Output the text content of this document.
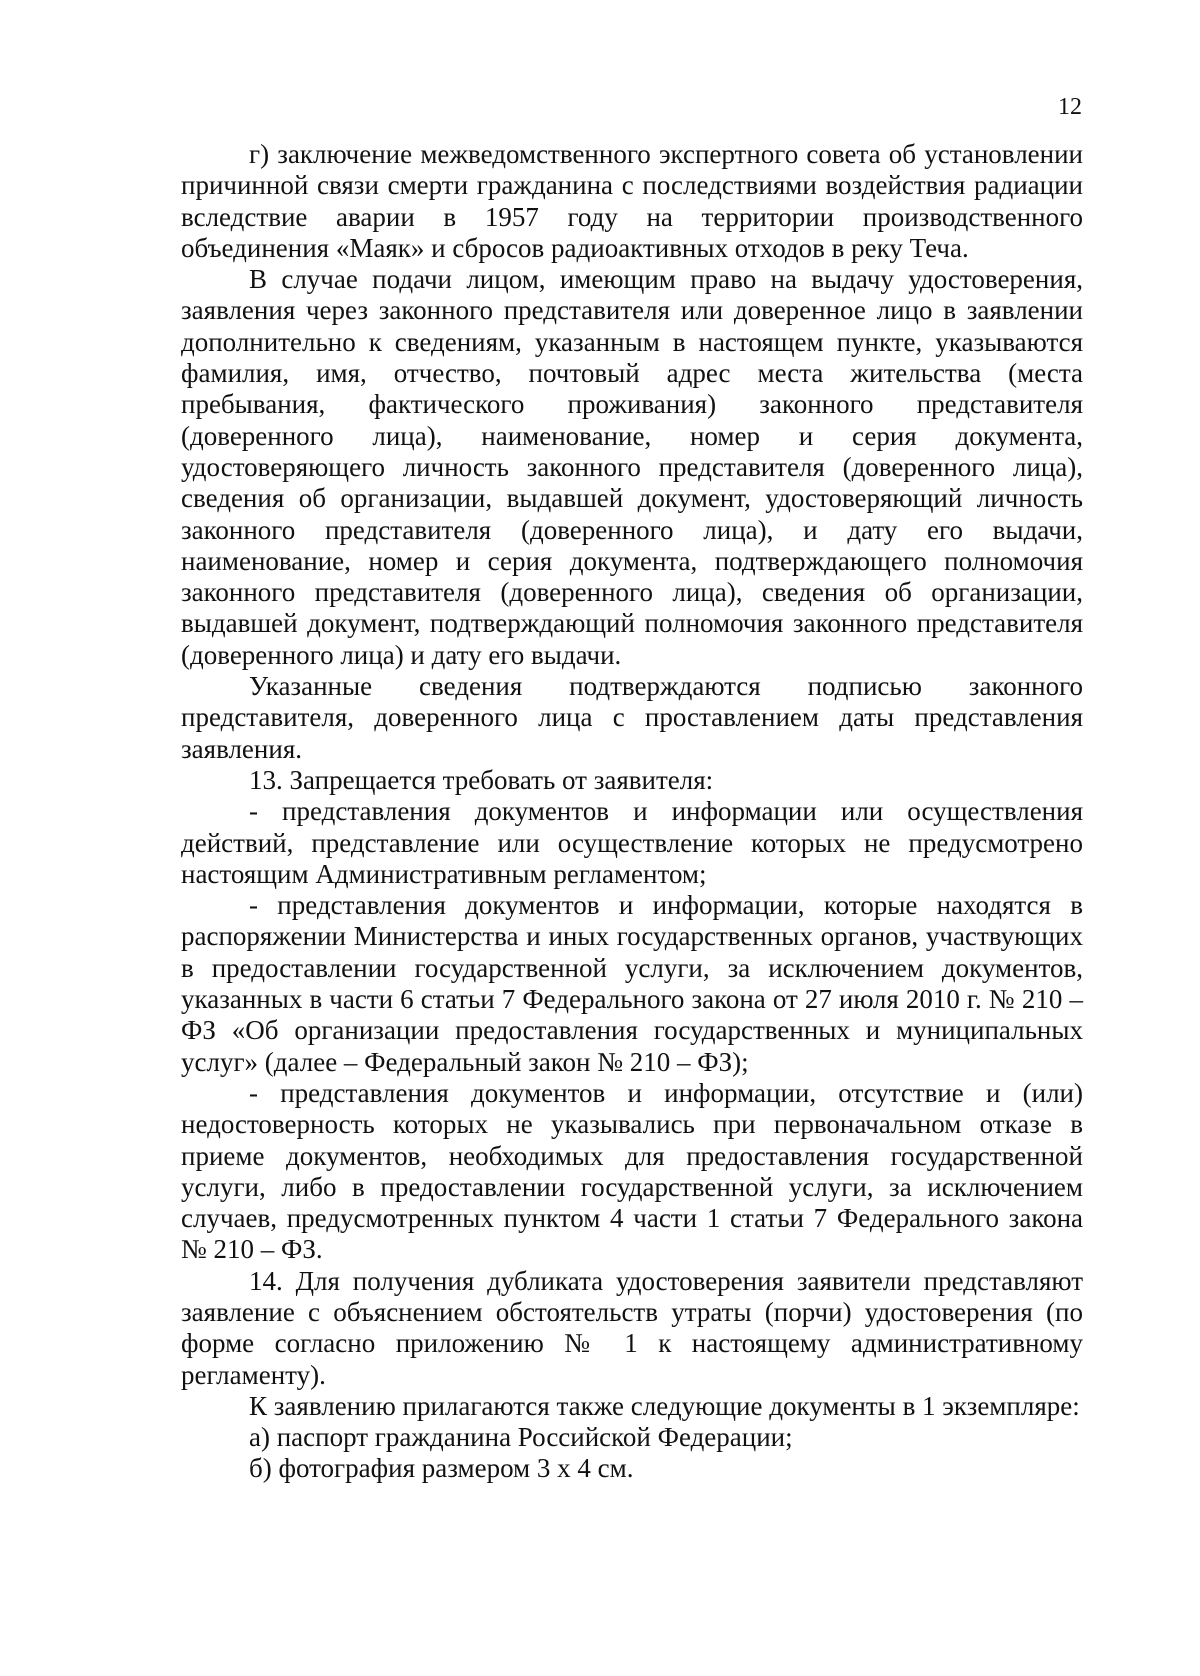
12

г) заключение межведомственного экспертного совета об установлении причинной связи смерти гражданина с последствиями воздействия радиации вследствие аварии в 1957 году на территории производственного объединения «Маяк» и сбросов радиоактивных отходов в реку Теча.

В случае подачи лицом, имеющим право на выдачу удостоверения, заявления через законного представителя или доверенное лицо в заявлении дополнительно к сведениям, указанным в настоящем пункте, указываются фамилия, имя, отчество, почтовый адрес места жительства (места пребывания, фактического проживания) законного представителя (доверенного лица), наименование, номер и серия документа, удостоверяющего личность законного представителя (доверенного лица), сведения об организации, выдавшей документ, удостоверяющий личность законного представителя (доверенного лица), и дату его выдачи, наименование, номер и серия документа, подтверждающего полномочия законного представителя (доверенного лица), сведения об организации, выдавшей документ, подтверждающий полномочия законного представителя (доверенного лица) и дату его выдачи.

Указанные сведения подтверждаются подписью законного представителя, доверенного лица с проставлением даты представления заявления.

13. Запрещается требовать от заявителя:

- представления документов и информации или осуществления действий, представление или осуществление которых не предусмотрено настоящим Административным регламентом;

- представления документов и информации, которые находятся в распоряжении Министерства и иных государственных органов, участвующих в предоставлении государственной услуги, за исключением документов, указанных в части 6 статьи 7 Федерального закона от 27 июля 2010 г. № 210 – ФЗ «Об организации предоставления государственных и муниципальных услуг» (далее – Федеральный закон № 210 – ФЗ);

- представления документов и информации, отсутствие и (или) недостоверность которых не указывались при первоначальном отказе в приеме документов, необходимых для предоставления государственной услуги, либо в предоставлении государственной услуги, за исключением случаев, предусмотренных пунктом 4 части 1 статьи 7 Федерального закона № 210 – ФЗ.

14. Для получения дубликата удостоверения заявители представляют заявление с объяснением обстоятельств утраты (порчи) удостоверения (по форме согласно приложению № 1 к настоящему административному регламенту).

К заявлению прилагаются также следующие документы в 1 экземпляре:

а) паспорт гражданина Российской Федерации;

б) фотография размером 3 х 4 см.
